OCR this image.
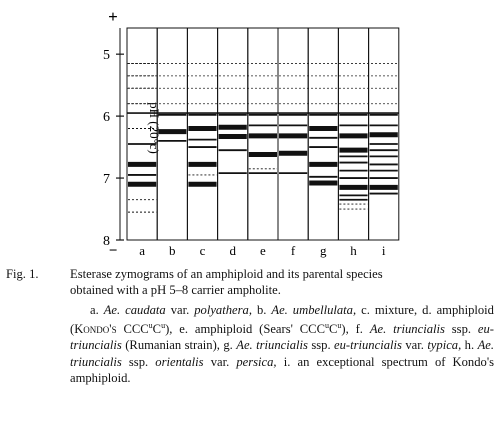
+
−
pH (20°c)
5
6
7
8
a b c d e f g h i
Fig. 1.	Esterase zymograms of an amphiploid and its parental species
obtained with a pH 5–8 carrier ampholite.
a. Ae. caudata var. polyathera, b. Ae. umbellulata, c. mixture, d. amphiploid (Kondo's $CCC^uC^u$), e. amphiploid (Sears' $CCC^uC^u$), f. Ae. triuncialis ssp. eu-triuncialis (Rumanian strain), g. Ae. triuncialis ssp. eu-triuncialis var. typica, h. Ae. triuncialis ssp. orientalis var. persica, i. an exceptional spectrum of Kondo's amphiploid.
